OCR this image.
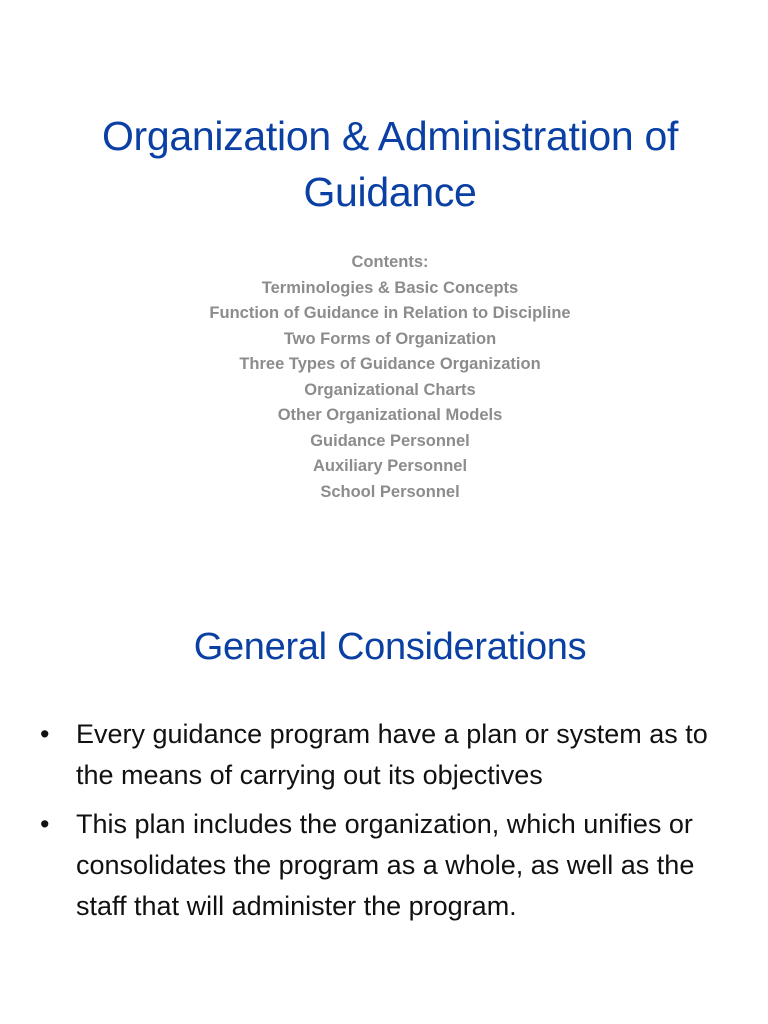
Organization & Administration of Guidance
Contents:
Terminologies & Basic Concepts
Function of Guidance in Relation to Discipline
Two Forms of Organization
Three Types of Guidance Organization
Organizational Charts
Other Organizational Models
Guidance Personnel
Auxiliary Personnel
School Personnel
General Considerations
• Every guidance program have a plan or system as to the means of carrying out its objectives
• This plan includes the organization, which unifies or consolidates the program as a whole, as well as the staff that will administer the program.
